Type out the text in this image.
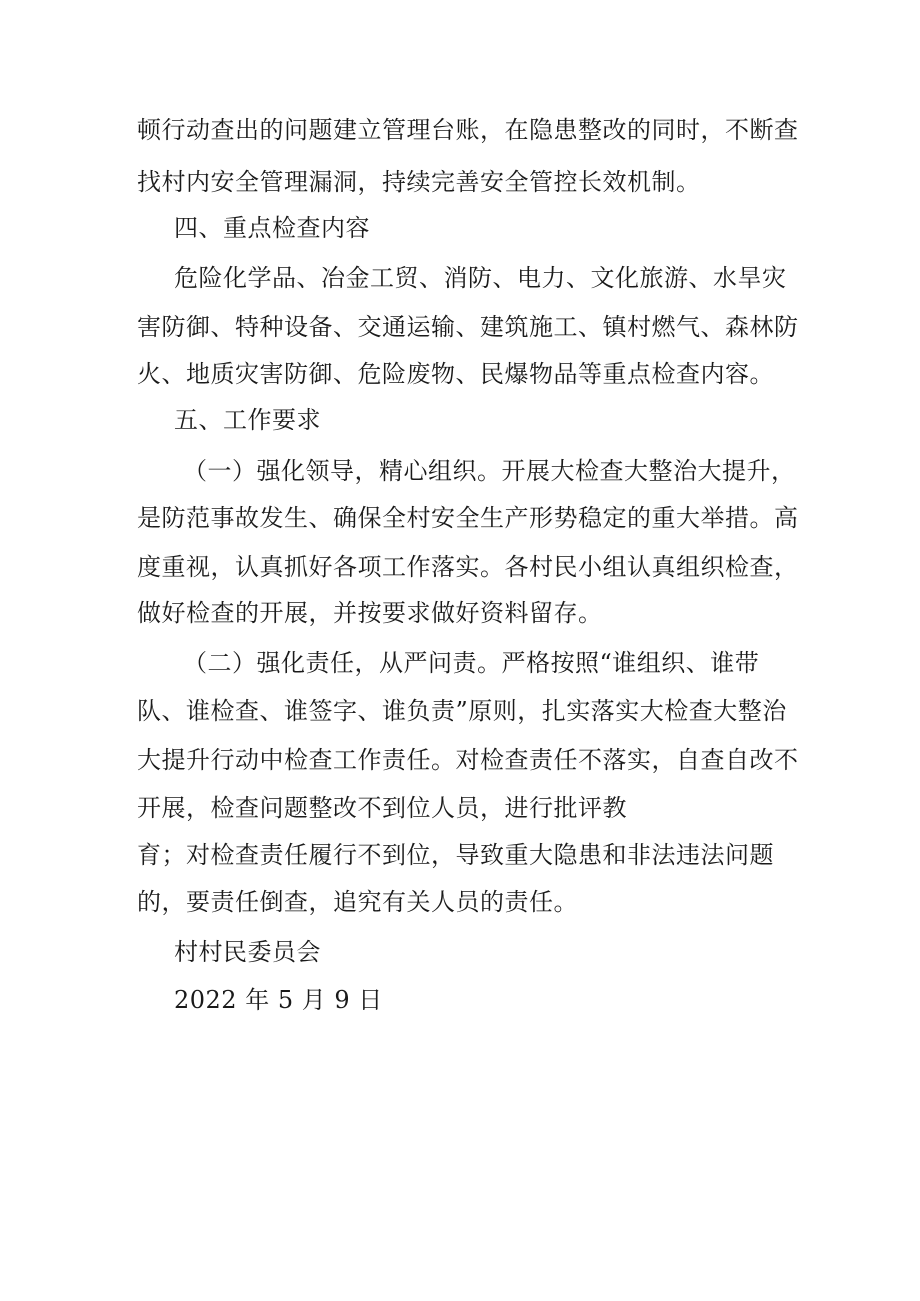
顿行动查出的问题建立管理台账，在隐患整改的同时，不断查
找村内安全管理漏洞，持续完善安全管控长效机制。
四、重点检查内容
危险化学品、冶金工贸、消防、电力、文化旅游、水旱灾
害防御、特种设备、交通运输、建筑施工、镇村燃气、森林防
火、地质灾害防御、危险废物、民爆物品等重点检查内容。
五、工作要求
（一）强化领导，精心组织。开展大检查大整治大提升，
是防范事故发生、确保全村安全生产形势稳定的重大举措。高
度重视，认真抓好各项工作落实。各村民小组认真组织检查，
做好检查的开展，并按要求做好资料留存。
（二）强化责任，从严问责。严格按照“谁组织、谁带
队、谁检查、谁签字、谁负责”原则，扎实落实大检查大整治
大提升行动中检查工作责任。对检查责任不落实，自查自改不
开展，检查问题整改不到位人员，进行批评教
育；对检查责任履行不到位，导致重大隐患和非法违法问题
的，要责任倒查，追究有关人员的责任。
村村民委员会
2022 年 5 月 9 日
